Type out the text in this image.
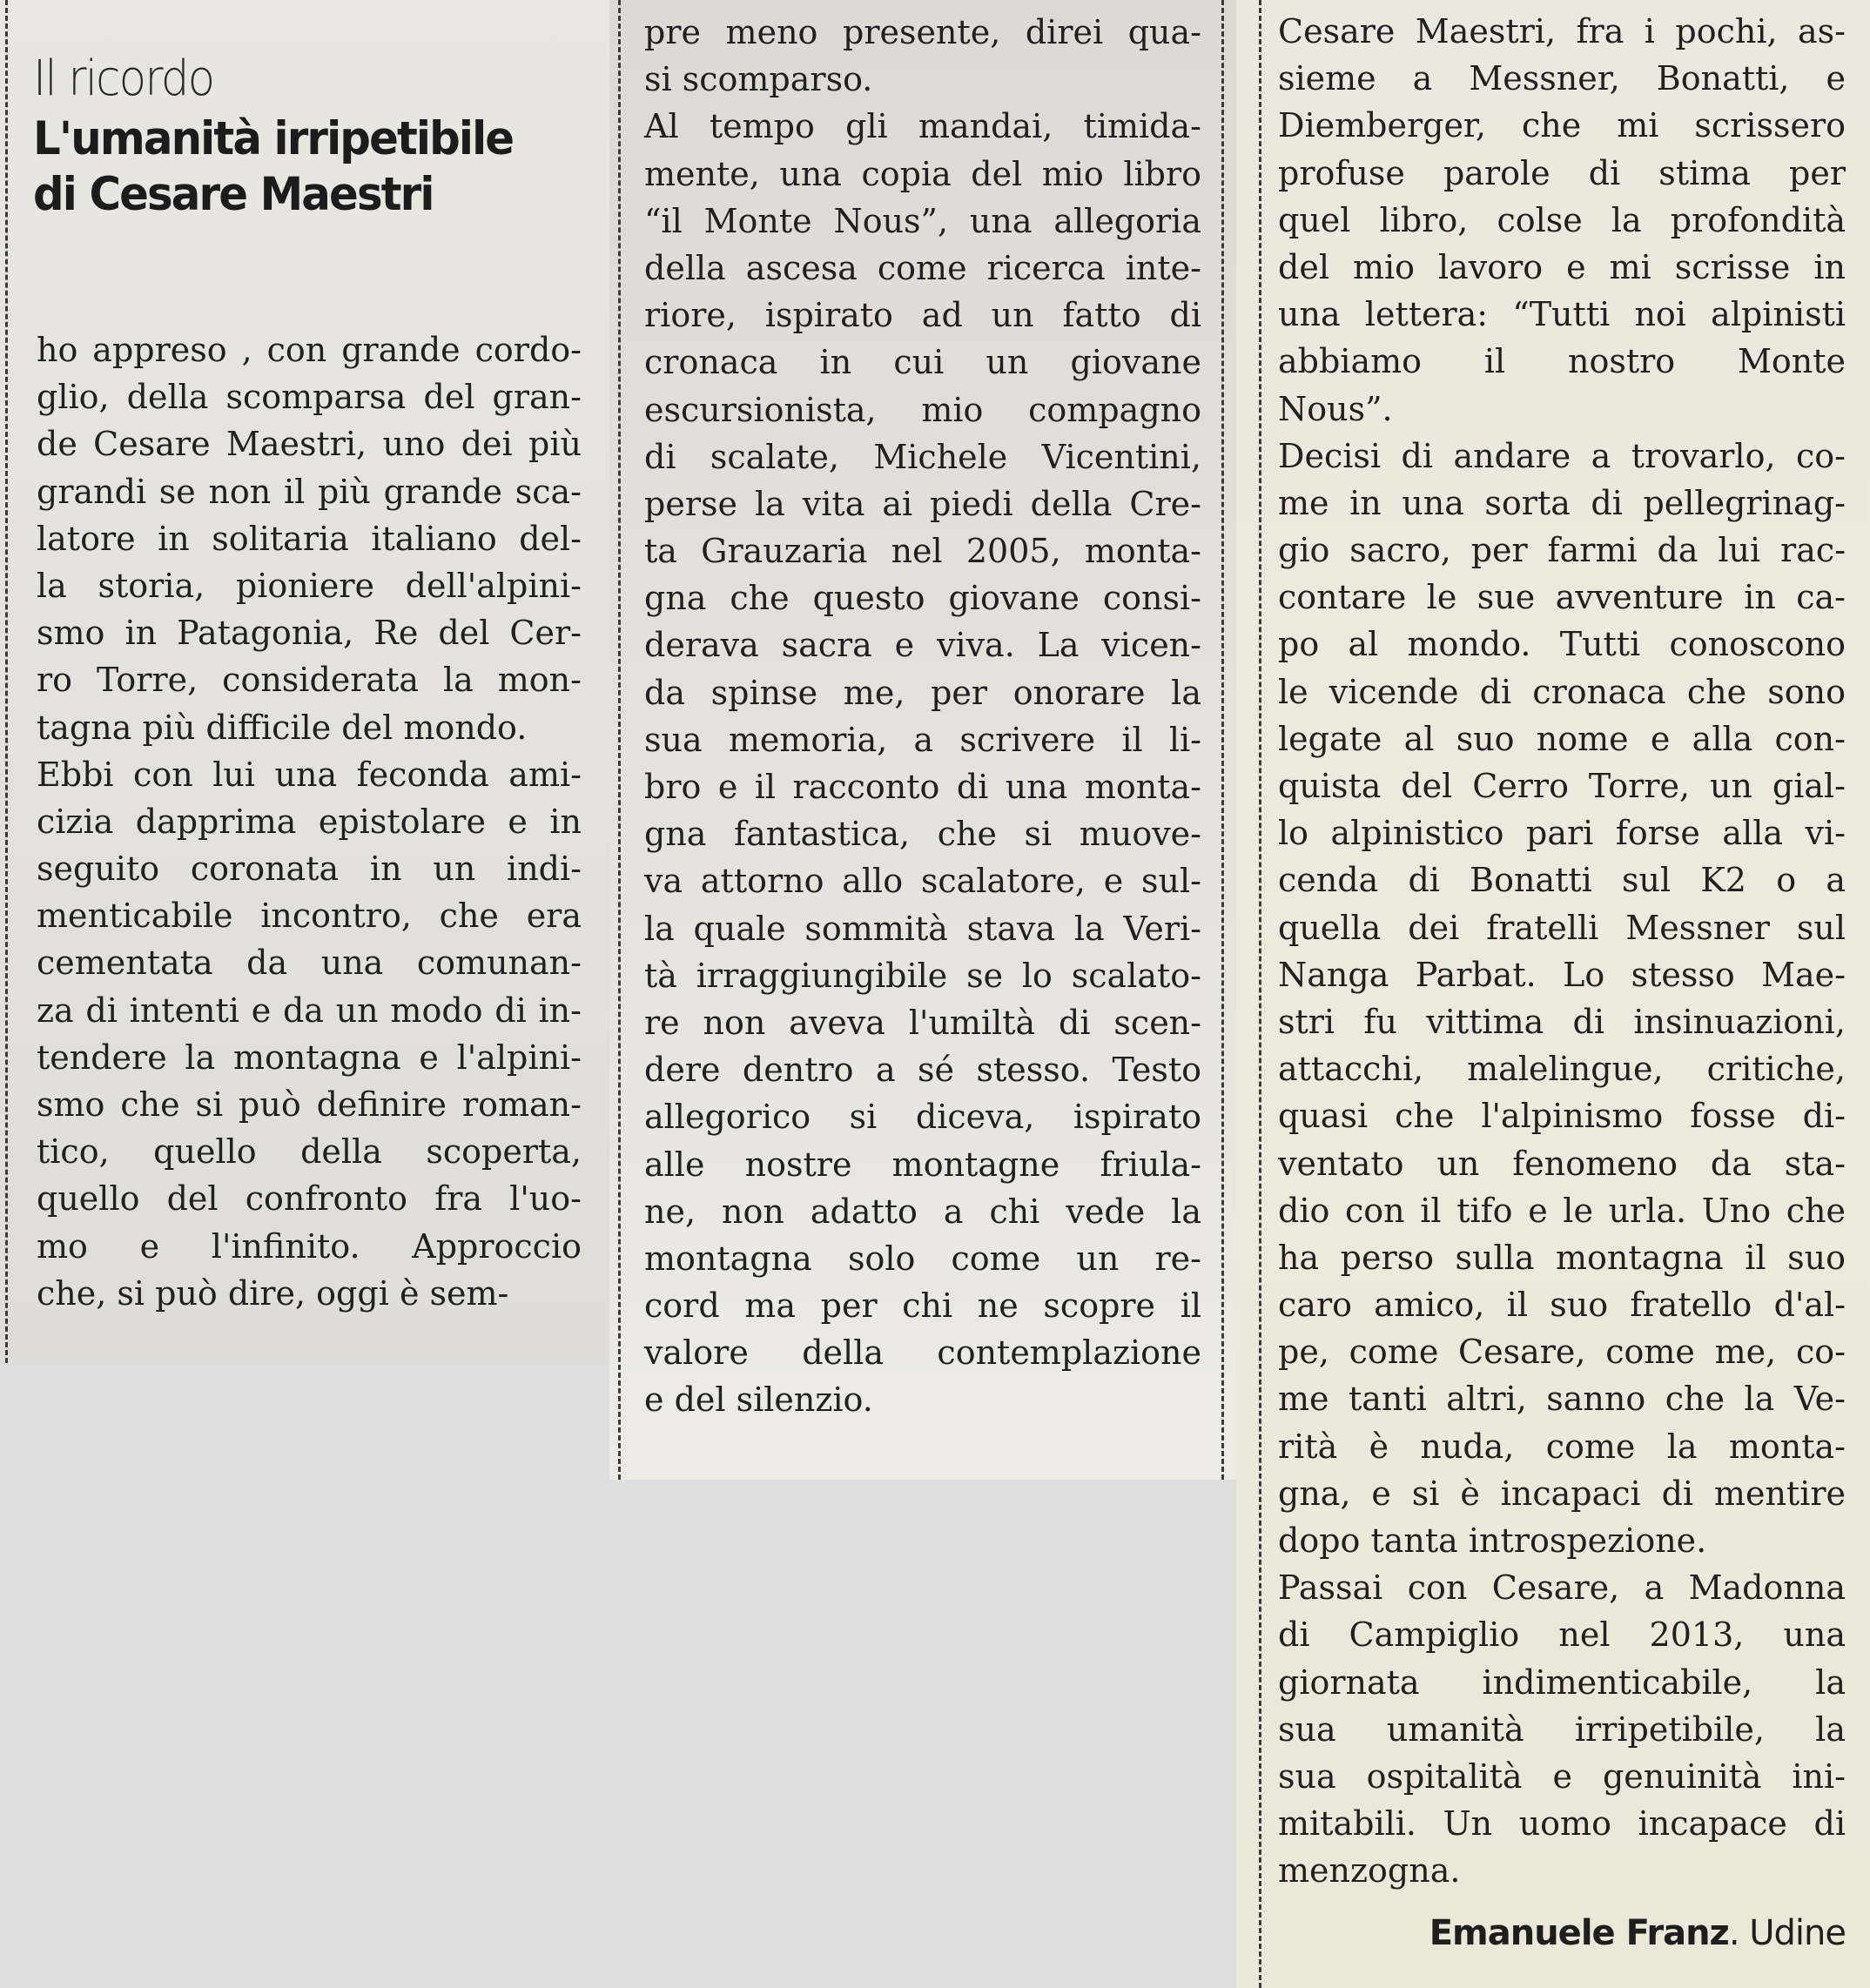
Il ricordo
L'umanità irripetibile
di Cesare Maestri
ho appreso , con grande cordo-
glio, della scomparsa del gran-
de Cesare Maestri, uno dei più
grandi se non il più grande sca-
latore in solitaria italiano del-
la storia, pioniere dell'alpini-
smo in Patagonia, Re del Cer-
ro Torre, considerata la mon-
tagna più difficile del mondo.
Ebbi con lui una feconda ami-
cizia dapprima epistolare e in
seguito coronata in un indi-
menticabile incontro, che era
cementata da una comunan-
za di intenti e da un modo di in-
tendere la montagna e l'alpini-
smo che si può definire roman-
tico, quello della scoperta,
quello del confronto fra l'uo-
mo e l'infinito. Approccio
che, si può dire, oggi è sem-
pre meno presente, direi qua-
si scomparso.
Al tempo gli mandai, timida-
mente, una copia del mio libro
“il Monte Nous”, una allegoria
della ascesa come ricerca inte-
riore, ispirato ad un fatto di
cronaca in cui un giovane
escursionista, mio compagno
di scalate, Michele Vicentini,
perse la vita ai piedi della Cre-
ta Grauzaria nel 2005, monta-
gna che questo giovane consi-
derava sacra e viva. La vicen-
da spinse me, per onorare la
sua memoria, a scrivere il li-
bro e il racconto di una monta-
gna fantastica, che si muove-
va attorno allo scalatore, e sul-
la quale sommità stava la Veri-
tà irraggiungibile se lo scalato-
re non aveva l'umiltà di scen-
dere dentro a sé stesso. Testo
allegorico si diceva, ispirato
alle nostre montagne friula-
ne, non adatto a chi vede la
montagna solo come un re-
cord ma per chi ne scopre il
valore della contemplazione
e del silenzio.
Cesare Maestri, fra i pochi, as-
sieme a Messner, Bonatti, e
Diemberger, che mi scrissero
profuse parole di stima per
quel libro, colse la profondità
del mio lavoro e mi scrisse in
una lettera: “Tutti noi alpinisti
abbiamo il nostro Monte
Nous”.
Decisi di andare a trovarlo, co-
me in una sorta di pellegrinag-
gio sacro, per farmi da lui rac-
contare le sue avventure in ca-
po al mondo. Tutti conoscono
le vicende di cronaca che sono
legate al suo nome e alla con-
quista del Cerro Torre, un gial-
lo alpinistico pari forse alla vi-
cenda di Bonatti sul K2 o a
quella dei fratelli Messner sul
Nanga Parbat. Lo stesso Mae-
stri fu vittima di insinuazioni,
attacchi, malelingue, critiche,
quasi che l'alpinismo fosse di-
ventato un fenomeno da sta-
dio con il tifo e le urla. Uno che
ha perso sulla montagna il suo
caro amico, il suo fratello d'al-
pe, come Cesare, come me, co-
me tanti altri, sanno che la Ve-
rità è nuda, come la monta-
gna, e si è incapaci di mentire
dopo tanta introspezione.
Passai con Cesare, a Madonna
di Campiglio nel 2013, una
giornata indimenticabile, la
sua umanità irripetibile, la
sua ospitalità e genuinità ini-
mitabili. Un uomo incapace di
menzogna.
Emanuele Franz. Udine
